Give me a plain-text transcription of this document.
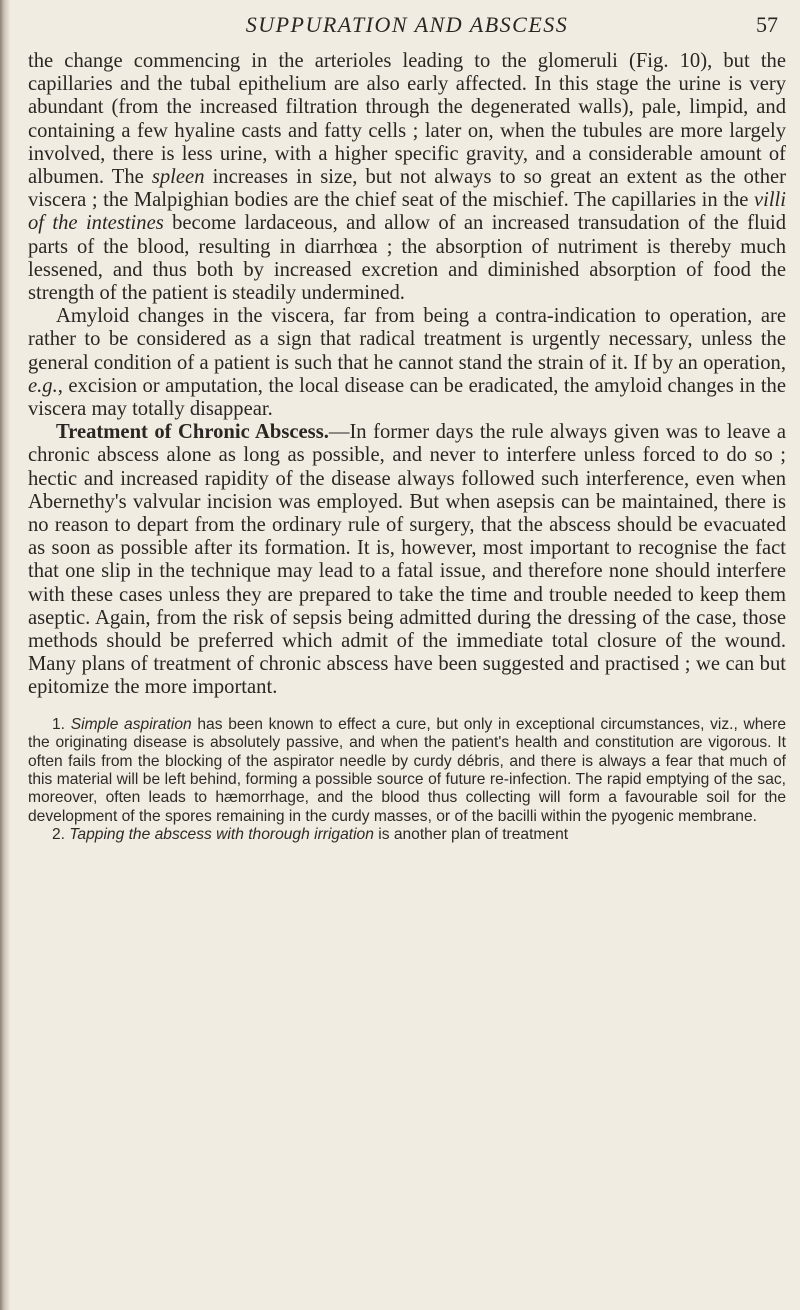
SUPPURATION AND ABSCESS	57

the change commencing in the arterioles leading to the glomeruli (Fig. 10), but the capillaries and the tubal epithelium are also early affected. In this stage the urine is very abundant (from the increased filtration through the degenerated walls), pale, limpid, and containing a few hyaline casts and fatty cells ; later on, when the tubules are more largely involved, there is less urine, with a higher specific gravity, and a considerable amount of albumen. The spleen increases in size, but not always to so great an extent as the other viscera ; the Malpighian bodies are the chief seat of the mischief. The capillaries in the villi of the intestines become lardaceous, and allow of an increased transudation of the fluid parts of the blood, resulting in diarrhœa ; the absorption of nutriment is thereby much lessened, and thus both by increased excretion and diminished absorption of food the strength of the patient is steadily undermined.

Amyloid changes in the viscera, far from being a contra-indication to operation, are rather to be considered as a sign that radical treatment is urgently necessary, unless the general condition of a patient is such that he cannot stand the strain of it. If by an operation, e.g., excision or amputation, the local disease can be eradicated, the amyloid changes in the viscera may totally disappear.

Treatment of Chronic Abscess.—In former days the rule always given was to leave a chronic abscess alone as long as possible, and never to interfere unless forced to do so ; hectic and increased rapidity of the disease always followed such interference, even when Abernethy's valvular incision was employed. But when asepsis can be maintained, there is no reason to depart from the ordinary rule of surgery, that the abscess should be evacuated as soon as possible after its formation. It is, however, most important to recognise the fact that one slip in the technique may lead to a fatal issue, and therefore none should interfere with these cases unless they are prepared to take the time and trouble needed to keep them aseptic. Again, from the risk of sepsis being admitted during the dressing of the case, those methods should be preferred which admit of the immediate total closure of the wound. Many plans of treatment of chronic abscess have been suggested and practised ; we can but epitomize the more important.

1. Simple aspiration has been known to effect a cure, but only in exceptional circumstances, viz., where the originating disease is absolutely passive, and when the patient's health and constitution are vigorous. It often fails from the blocking of the aspirator needle by curdy débris, and there is always a fear that much of this material will be left behind, forming a possible source of future re-infection. The rapid emptying of the sac, moreover, often leads to hæmorrhage, and the blood thus collecting will form a favourable soil for the development of the spores remaining in the curdy masses, or of the bacilli within the pyogenic membrane.

2. Tapping the abscess with thorough irrigation is another plan of treatment
